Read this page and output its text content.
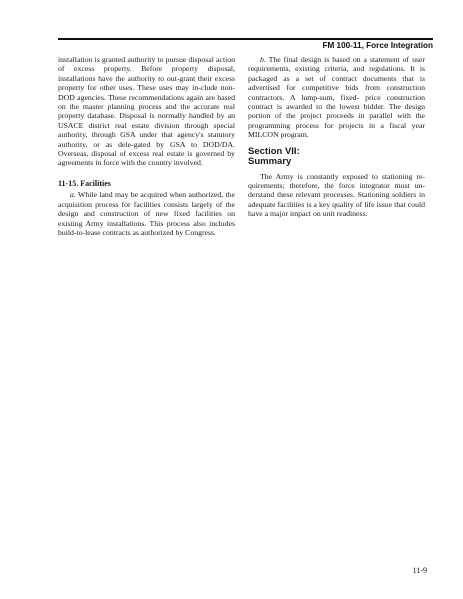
FM 100-11, Force Integration

installation is granted authority to pursue disposal action of excess property. Before property disposal, installations have the authority to out-grant their excess property for other uses. These uses may in-clude non-DOD agencies. These recommendations again are based on the master planning process and the accurate real property database. Disposal is normally handled by an USACE district real estate division through special authority, through GSA under that agency's statutory authority, or as dele-gated by GSA to DOD/DA. Overseas, disposal of excess real estate is governed by agreements in force with the country involved.

11-15. Facilities

a. While land may be acquired when authorized, the acquisition process for facilities consists largely of the design and construction of new fixed facilities on existing Army installations. This process also includes build-to-lease contracts as authorized by Congress.

b. The final design is based on a statement of user requirements, existing criteria, and regulations. It is packaged as a set of contract documents that is advertised for competitive bids from construction contractors. A lump-sum, fixed- price construction contract is awarded to the lowest bidder. The design portion of the project proceeds in parallel with the programming process for projects in a fiscal year MILCON program.

Section VII:
Summary

The Army is constantly exposed to stationing re-quirements; therefore, the force integrator must un-derstand these relevant processes. Stationing soldiers in adequate facilities is a key quality of life issue that could have a major impact on unit readiness.

11-9
